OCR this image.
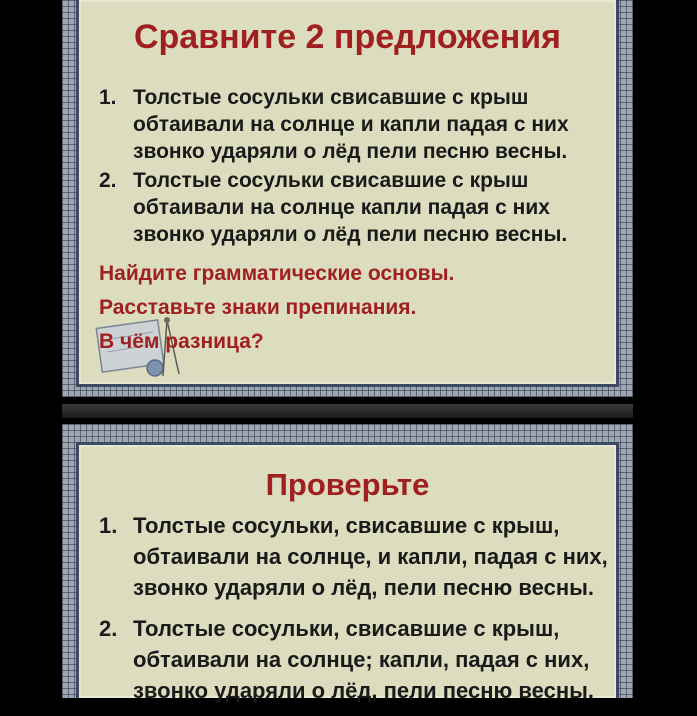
Сравните 2 предложения
1. Толстые сосульки свисавшие с крыш обтаивали на солнце и капли падая с них звонко ударяли о лёд пели песню весны.
2. Толстые сосульки свисавшие с крыш обтаивали на солнце капли падая с них звонко ударяли о лёд пели песню весны.
Найдите грамматические основы.
Расставьте знаки препинания.
В чём разница?
Проверьте
1. Толстые сосульки, свисавшие с крыш, обтаивали на солнце, и капли, падая с них, звонко ударяли о лёд, пели песню весны.
2. Толстые сосульки, свисавшие с крыш, обтаивали на солнце; капли, падая с них, звонко ударяли о лёд, пели песню весны.
